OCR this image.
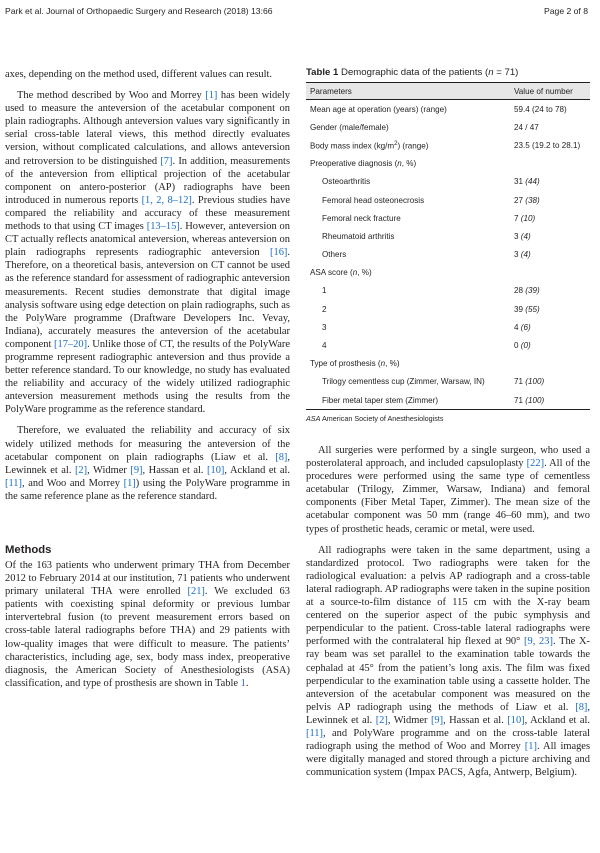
Park et al. Journal of Orthopaedic Surgery and Research (2018) 13:66	Page 2 of 8

axes, depending on the method used, different values can result.

The method described by Woo and Morrey [1] has been widely used to measure the anteversion of the acetabular component on plain radiographs. Although anteversion values vary significantly in serial cross-table lateral views, this method directly evaluates version, without complicated calculations, and allows anteversion and retroversion to be distinguished [7]. In addition, measurements of the anteversion from elliptical projection of the acetabular component on antero-posterior (AP) radiographs have been introduced in numerous reports [1, 2, 8–12]. Previous studies have compared the reliability and accuracy of these measurement methods to that using CT images [13–15]. However, anteversion on CT actually reflects anatomical anteversion, whereas anteversion on plain radiographs represents radiographic anteversion [16]. Therefore, on a theoretical basis, anteversion on CT cannot be used as the reference standard for assessment of radiographic anteversion measurements. Recent studies demonstrate that digital image analysis software using edge detection on plain radiographs, such as the PolyWare programme (Draftware Developers Inc. Vevay, Indiana), accurately measures the anteversion of the acetabular component [17–20]. Unlike those of CT, the results of the PolyWare programme represent radiographic anteversion and thus provide a better reference standard. To our knowledge, no study has evaluated the reliability and accuracy of the widely utilized radiographic anteversion measurement methods using the results from the PolyWare programme as the reference standard.

Therefore, we evaluated the reliability and accuracy of six widely utilized methods for measuring the anteversion of the acetabular component on plain radiographs (Liaw et al. [8], Lewinnek et al. [2], Widmer [9], Hassan et al. [10], Ackland et al. [11], and Woo and Morrey [1]) using the PolyWare programme in the same reference plane as the reference standard.

Methods

Of the 163 patients who underwent primary THA from December 2012 to February 2014 at our institution, 71 patients who underwent primary unilateral THA were enrolled [21]. We excluded 63 patients with coexisting spinal deformity or previous lumbar intervertebral fusion (to prevent measurement errors based on cross-table lateral radiographs before THA) and 29 patients with low-quality images that were difficult to measure. The patients’ characteristics, including age, sex, body mass index, preoperative diagnosis, the American Society of Anesthesiologists (ASA) classification, and type of prosthesis are shown in Table 1.

Table 1 Demographic data of the patients (n = 71)
Parameters	Value of number
Mean age at operation (years) (range)	59.4 (24 to 78)
Gender (male/female)	24 / 47
Body mass index $(kg/m^2)$ (range)	23.5 (19.2 to 28.1)
Preoperative diagnosis (n, %)	
Osteoarthritis	31 (44)
Femoral head osteonecrosis	27 (38)
Femoral neck fracture	7 (10)
Rheumatoid arthritis	3 (4)
Others	3 (4)
ASA score (n, %)	
1	28 (39)
2	39 (55)
3	4 (6)
4	0 (0)
Type of prosthesis (n, %)	
Trilogy cementless cup (Zimmer, Warsaw, IN)	71 (100)
Fiber metal taper stem (Zimmer)	71 (100)
ASA American Society of Anesthesiologists

All surgeries were performed by a single surgeon, who used a posterolateral approach, and included capsuloplasty [22]. All of the procedures were performed using the same type of cementless acetabular (Trilogy, Zimmer, Warsaw, Indiana) and femoral components (Fiber Metal Taper, Zimmer). The mean size of the acetabular component was 50 mm (range 46–60 mm), and two types of prosthetic heads, ceramic or metal, were used.

All radiographs were taken in the same department, using a standardized protocol. Two radiographs were taken for the radiological evaluation: a pelvis AP radiograph and a cross-table lateral radiograph. AP radiographs were taken in the supine position at a source-to-film distance of 115 cm with the X-ray beam centered on the superior aspect of the pubic symphysis and perpendicular to the patient. Cross-table lateral radiographs were performed with the contralateral hip flexed at 90° [9, 23]. The X-ray beam was set parallel to the examination table towards the cephalad at 45° from the patient’s long axis. The film was fixed perpendicular to the examination table using a cassette holder. The anteversion of the acetabular component was measured on the pelvis AP radiograph using the methods of Liaw et al. [8], Lewinnek et al. [2], Widmer [9], Hassan et al. [10], Ackland et al. [11], and PolyWare programme and on the cross-table lateral radiograph using the method of Woo and Morrey [1]. All images were digitally managed and stored through a picture archiving and communication system (Impax PACS, Agfa, Antwerp, Belgium).
